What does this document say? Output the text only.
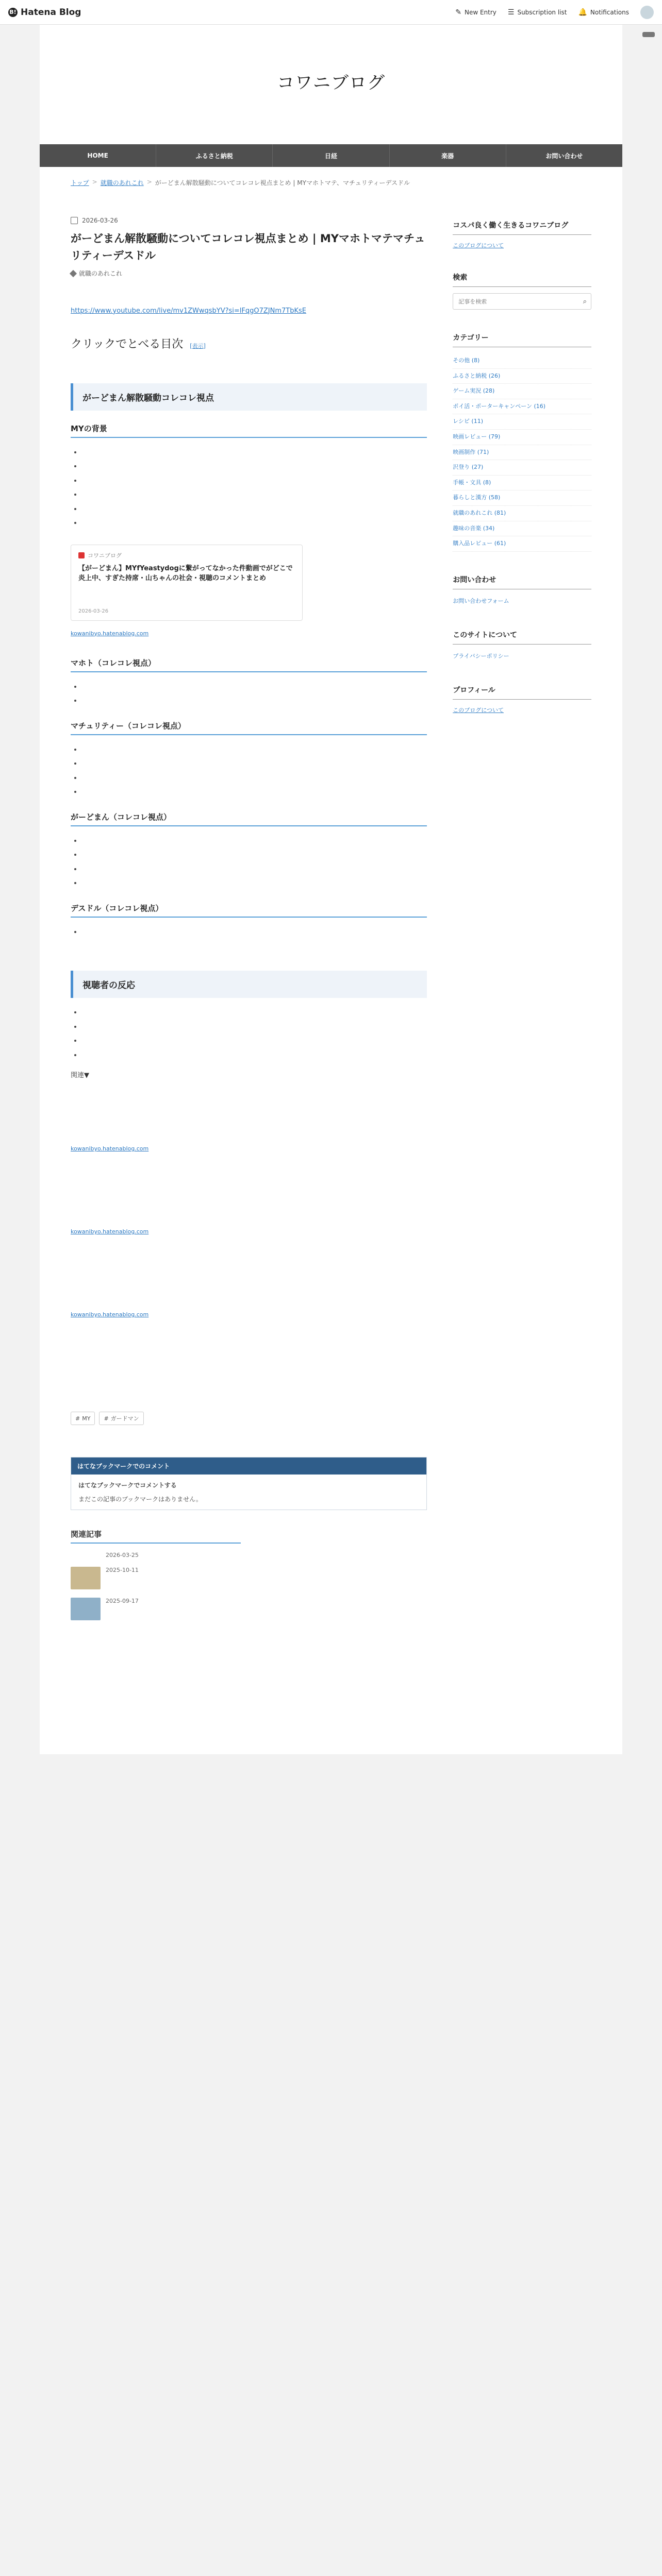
B! Hatena Blog	✎ New Entry ☰ Subscription list 🔔 Notifications
コワニブログ
HOME	ふるさと納税	日経	楽器	お問い合わせ
トップ > 就職のあれこれ > がーどまん解散騒動についてコレコレ視点まとめ | MYマホトマテ、マチュリティーデスドル
2026-03-26
がーどまん解散騒動についてコレコレ視点まとめ | MYマホトマテマチュリティーデスドル
就職のあれこれ
https://www.youtube.com/live/mv1ZWwqsbYV?si=lFqgO7ZJNm7TbKsE

クリックでとべる目次 [表示]
がーどまん解散騒動コレコレ視点
MYの背景
•
•
•
•
•
•
コワニブログ
【がーどまん】MYfYeastydogに繋がってなかった件動画でがどこで炎上中、すぎた持席・山ちゃんの社会・視聴のコメントまとめ
2026-03-26
kowanibyo.hatenablog.com
マホト（コレコレ視点）
•
•
マチュリティー（コレコレ視点）
•
•
•
•
がーどまん（コレコレ視点）
•
•
•
•
デスドル（コレコレ視点）
•
視聴者の反応
•
•
•
•

関連▼

kowanibyo.hatenablog.com
kowanibyo.hatenablog.com
kowanibyo.hatenablog.com
# MY # ガードマン
はてなブックマークでのコメント
はてなブックマークでコメントする
まだこの記事のブックマークはありません。
関連記事
2026-03-25
2025-10-11
2025-09-17
コスパ良く働く生きるコワニブログ
このブログについて
検索
記事を検索
⌕
カテゴリー
その他 (8)
ふるさと納税 (26)
ゲーム実況 (28)
ポイ活・ポーターキャンペーン (16)
レシピ (11)
映画レビュー (79)
映画制作 (71)
沢登り (27)
手帳・文具 (8)
暮らしと漢方 (58)
就職のあれこれ (81)
趣味の音楽 (34)
購入品レビュー (61)
お問い合わせ
お問い合わせフォーム
このサイトについて
プライバシーポリシー
プロフィール
このブログについて
